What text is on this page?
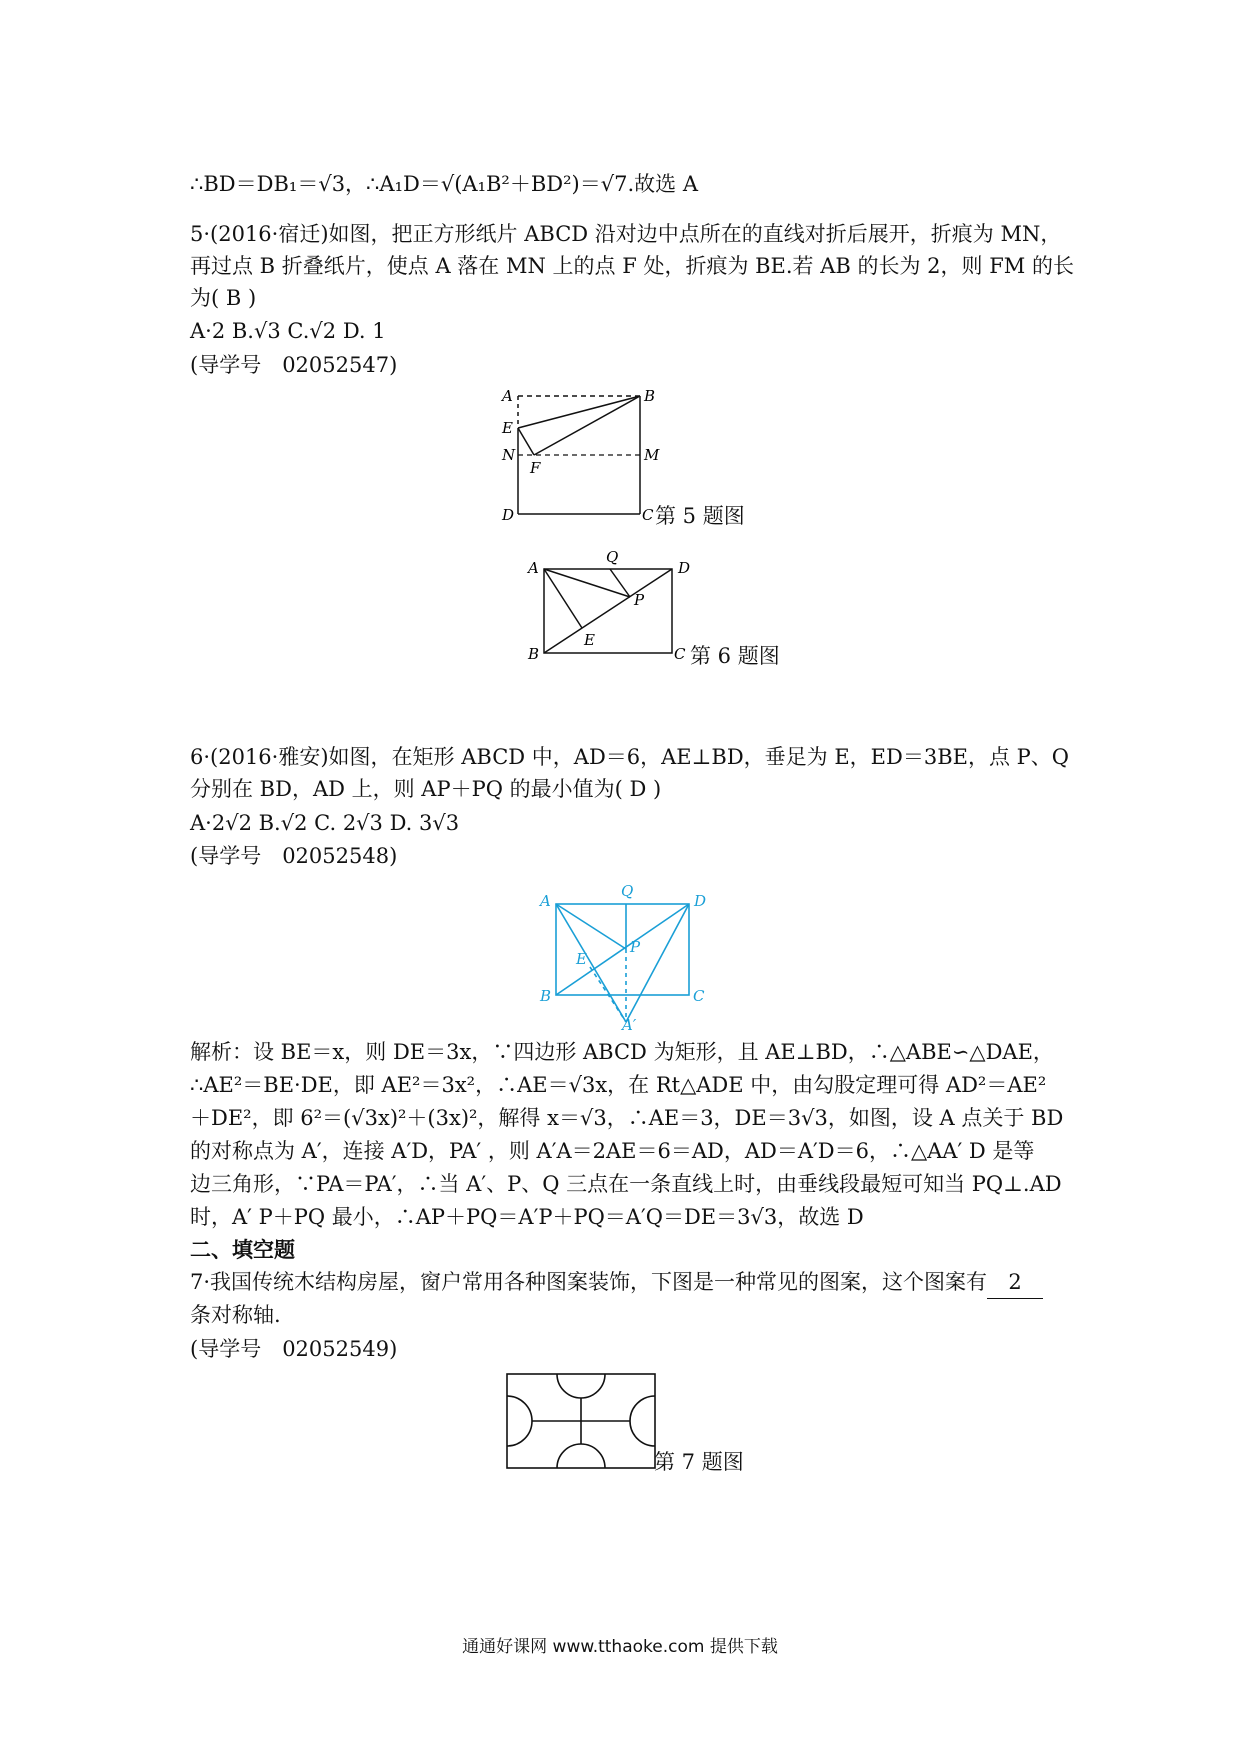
∴BD＝DB₁＝√3，∴A₁D＝√(A₁B²＋BD²)＝√7.故选 A
5·(2016·宿迁)如图，把正方形纸片 ABCD 沿对边中点所在的直线对折后展开，折痕为 MN，
再过点 B 折叠纸片，使点 A 落在 MN 上的点 F 处，折痕为 BE.若 AB 的长为 2，则 FM 的长
为( B )
A·2 B.√3 C.√2 D. 1
(导学号　02052547)
A	B
E
N
F
M
D	C 第 5 题图
A
Q
D
P
E
B	C 第 6 题图
6·(2016·雅安)如图，在矩形 ABCD 中，AD＝6，AE⊥BD，垂足为 E，ED＝3BE，点 P、Q
分别在 BD，AD 上，则 AP＋PQ 的最小值为( D )
A·2√2 B.√2 C. 2√3 D. 3√3
(导学号　02052548)
A
Q
D
P
E
B	C
A′
解析：设 BE＝x，则 DE＝3x，∵四边形 ABCD 为矩形，且 AE⊥BD，∴△ABE∽△DAE，
∴AE²＝BE·DE，即 AE²＝3x²，∴AE＝√3x，在 Rt△ADE 中，由勾股定理可得 AD²＝AE²
＋DE²，即 6²＝(√3x)²＋(3x)²，解得 x＝√3，∴AE＝3，DE＝3√3，如图，设 A 点关于 BD
的对称点为 A′，连接 A′D，PA′ ，则 A′A＝2AE＝6＝AD，AD＝A′D＝6，∴△AA′ D 是等
边三角形，∵PA＝PA′，∴当 A′、P、Q 三点在一条直线上时，由垂线段最短可知当 PQ⊥.AD
时，A′ P＋PQ 最小，∴AP＋PQ＝A′P＋PQ＝A′Q＝DE＝3√3，故选 D
二、填空题
7·我国传统木结构房屋，窗户常用各种图案装饰，下图是一种常见的图案，这个图案有 2
条对称轴.
(导学号　02052549)
第 7 题图
通通好课网 www.tthaoke.com 提供下载
